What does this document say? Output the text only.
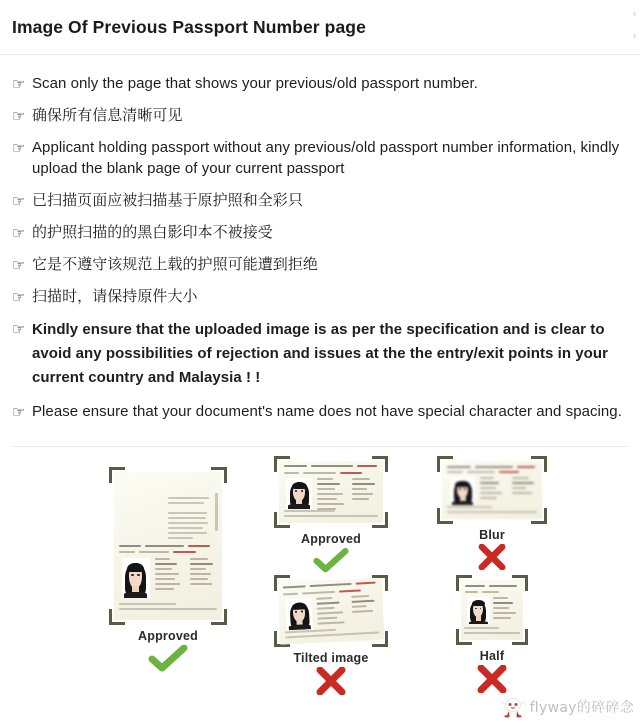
Image Of Previous Passport Number page
☞ Scan only the page that shows your previous/old passport number.
☞ 确保所有信息清晰可见
☞ Applicant holding passport without any previous/old passport number information, kindly upload the blank page of your current passport
☞ 已扫描页面应被扫描基于原护照和全彩只
☞ 的护照扫描的的黑白影印本不被接受
☞ 它是不遵守该规范上载的护照可能遭到拒绝
☞ 扫描时，请保持原件大小
☞ Kindly ensure that the uploaded image is as per the specification and is clear to avoid any possibilities of rejection and issues at the the entry/exit points in your current country and Malaysia ! !
☞ Please ensure that your document's name does not have special character and spacing.
Approved
Approved	Blur
Tilted image	Half
flyway的碎碎念
